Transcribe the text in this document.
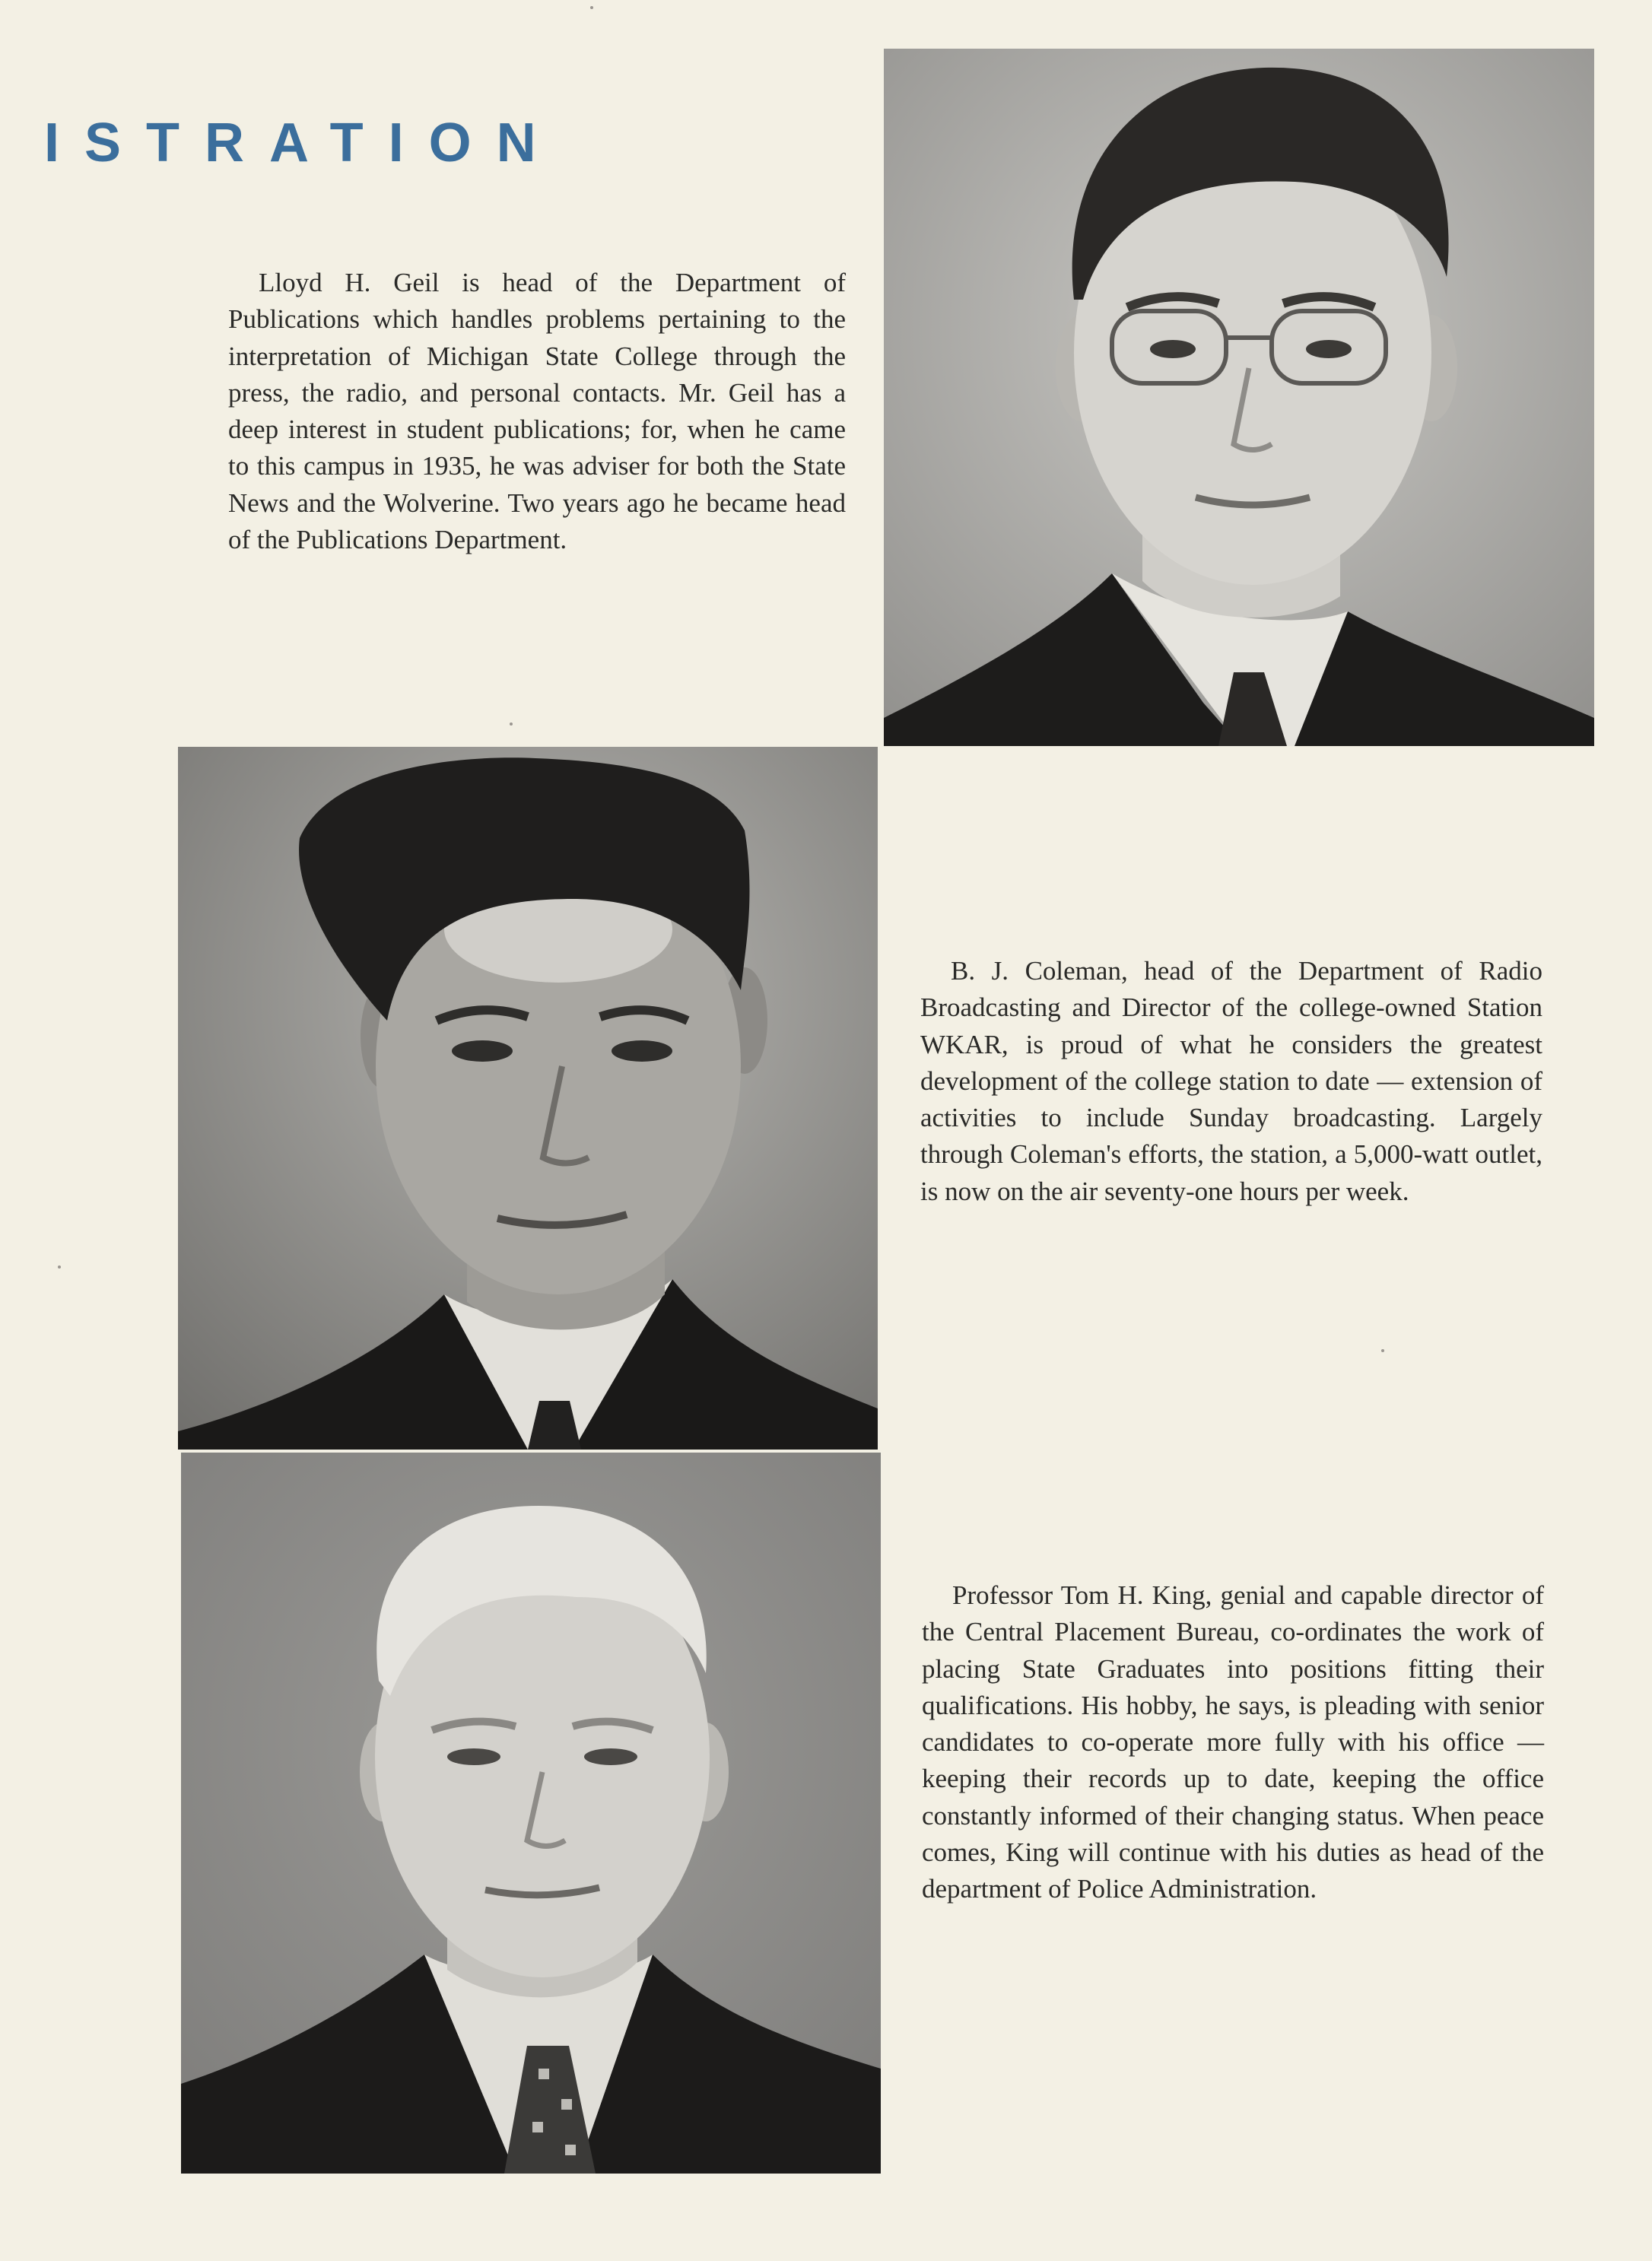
ISTRATION

Lloyd H. Geil is head of the Department of Publications which handles problems pertaining to the interpretation of Michigan State College through the press, the radio, and personal contacts. Mr. Geil has a deep interest in student publications; for, when he came to this campus in 1935, he was adviser for both the State News and the Wolverine. Two years ago he became head of the Publications Department.

B. J. Coleman, head of the Department of Radio Broadcasting and Director of the college-owned Station WKAR, is proud of what he considers the greatest development of the college station to date — extension of activities to include Sunday broadcasting. Largely through Coleman's efforts, the station, a 5,000-watt outlet, is now on the air seventy-one hours per week.

Professor Tom H. King, genial and capable director of the Central Placement Bureau, co-ordinates the work of placing State Graduates into positions fitting their qualifications. His hobby, he says, is pleading with senior candidates to co-operate more fully with his office — keeping their records up to date, keeping the office constantly informed of their changing status. When peace comes, King will continue with his duties as head of the department of Police Administration.
